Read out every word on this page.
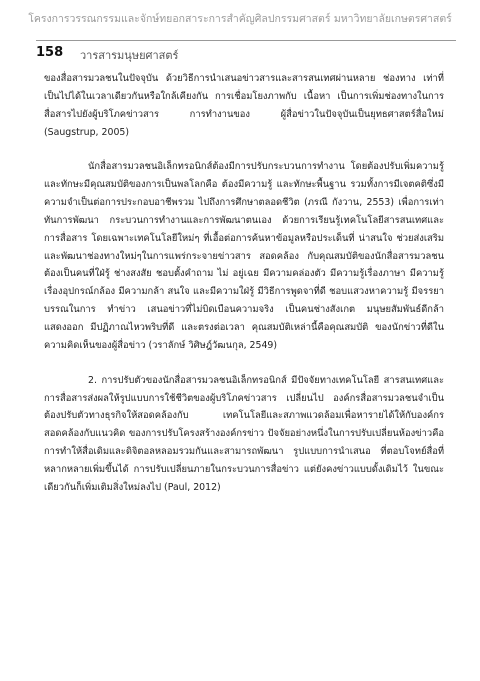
โครงการวรรณกรรมและจักษ์ทยอกสาระการสำคัญศิลปกรรมศาสตร์ มหาวิทยาลัยเกษตรศาสตร์
158 วารสารมนุษยศาสตร์

ของสื่อสารมวลชนในปัจจุบัน ด้วยวิธีการนำเสนอข่าวสารและสารสนเทศผ่านหลาย ช่องทาง เท่าที่เป็นไปได้ในเวลาเดียวกันหรือใกล้เคียงกัน การเชื่อมโยงภาพกับ เนื้อหา เป็นการเพิ่มช่องทางในการสื่อสารไปยังผู้บริโภคข่าวสาร การทำงานของ ผู้สื่อข่าวในปัจจุบันเป็นยุทธศาสตร์สื่อใหม่ (Saugstrup, 2005)

นักสื่อสารมวลชนอิเล็กทรอนิกส์ต้องมีการปรับกระบวนการทำงาน โดยต้องปรับเพิ่มความรู้และทักษะมีคุณสมบัติของการเป็นพลโลกคือ ต้องมีความรู้ และทักษะพื้นฐาน รวมทั้งการมีเจตคติซึ่งมีความจำเป็นต่อการประกอบอาชีพรวม ไปถึงการศึกษาตลอดชีวิต (ภรณี กังวาน, 2553) เพื่อการเท่าทันการพัฒนา กระบวนการทำงานและการพัฒนาตนเอง ด้วยการเรียนรู้เทคโนโลยีสารสนเทศและ การสื่อสาร โดยเฉพาะเทคโนโลยีใหม่ๆ ที่เอื้อต่อการค้นหาข้อมูลหรือประเด็นที่ น่าสนใจ ช่วยส่งเสริมและพัฒนาช่องทางใหม่ๆในการแพร่กระจายข่าวสาร สอดคล้อง กับคุณสมบัติของนักสื่อสารมวลชน ต้องเป็นคนที่ใฝ่รู้ ช่างสงสัย ชอบตั้งคำถาม ไม่ อยู่เฉย มีความคล่องตัว มีความรู้เรื่องภาษา มีความรู้เรื่องอุปกรณ์กล้อง มีความกล้า สนใจ และมีความใฝ่รู้ มีวิธีการพูดจาที่ดี ชอบแสวงหาความรู้ มีจรรยาบรรณในการ ทำข่าว เสนอข่าวที่ไม่บิดเบือนความจริง เป็นคนช่างสังเกต มนุษยสัมพันธ์ดีกล้า แสดงออก มีปฏิภาณไหวพริบที่ดี และตรงต่อเวลา คุณสมบัติเหล่านี้คือคุณสมบัติ ของนักข่าวที่ดีในความคิดเห็นของผู้สื่อข่าว (วราลักษ์ วิศิษฎ์วัฒนกุล, 2549)

2. การปรับตัวของนักสื่อสารมวลชนอิเล็กทรอนิกส์ มีปัจจัยทางเทคโนโลยี สารสนเทศและการสื่อสารส่งผลให้รูปแบบการใช้ชีวิตของผู้บริโภคข่าวสาร เปลี่ยนไป องค์กรสื่อสารมวลชนจำเป็นต้องปรับตัวทางธุรกิจให้สอดคล้องกับ เทคโนโลยีและสภาพแวดล้อมเพื่อหารายได้ให้กับองค์กร สอดคล้องกับแนวคิด ของการปรับโครงสร้างองค์กรข่าว ปัจจัยอย่างหนึ่งในการปรับเปลี่ยนห้องข่าวคือ การทำให้สื่อเดิมและดิจิตอลหลอมรวมกันและสามารถพัฒนา รูปแบบการนำเสนอ ที่ตอบโจทย์สื่อที่หลากหลายเพิ่มขึ้นได้ การปรับเปลี่ยนภายในกระบวนการสื่อข่าว แต่ยังคงข่าวแบบดั้งเดิมไว้ ในขณะเดียวกันก็เพิ่มเติมสิ่งใหม่ลงไป (Paul, 2012)
